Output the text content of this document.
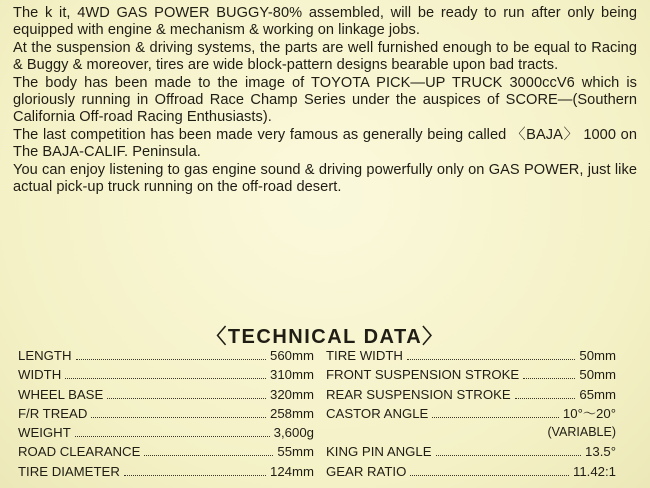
The k it, 4WD GAS POWER BUGGY-80% assembled, will be ready to run after only being equipped with engine & mechanism & working on linkage jobs.

At the suspension & driving systems, the parts are well furnished enough to be equal to Racing & Buggy & moreover, tires are wide block-pattern designs bearable upon bad tracts.

The body has been made to the image of TOYOTA PICK—UP TRUCK 3000ccV6 which is gloriously running in Offroad Race Champ Series under the auspices of SCORE—(Southern California Off-road Racing Enthusiasts).

The last competition has been made very famous as generally being called 〈BAJA〉 1000 on The BAJA-CALIF. Peninsula.

You can enjoy listening to gas engine sound & driving powerfully only on GAS POWER, just like actual pick-up truck running on the off-road desert.

〈TECHNICAL DATA〉
LENGTH	560mm
WIDTH	310mm
WHEEL BASE	320mm
F/R TREAD	258mm
WEIGHT	3,600g
ROAD CLEARANCE	55mm
TIRE DIAMETER	124mm
TIRE WIDTH	50mm
FRONT SUSPENSION STROKE	50mm
REAR SUSPENSION STROKE	65mm
CASTOR ANGLE	10°～20°
(VARIABLE)
KING PIN ANGLE	13.5°
GEAR RATIO	11.42:1
